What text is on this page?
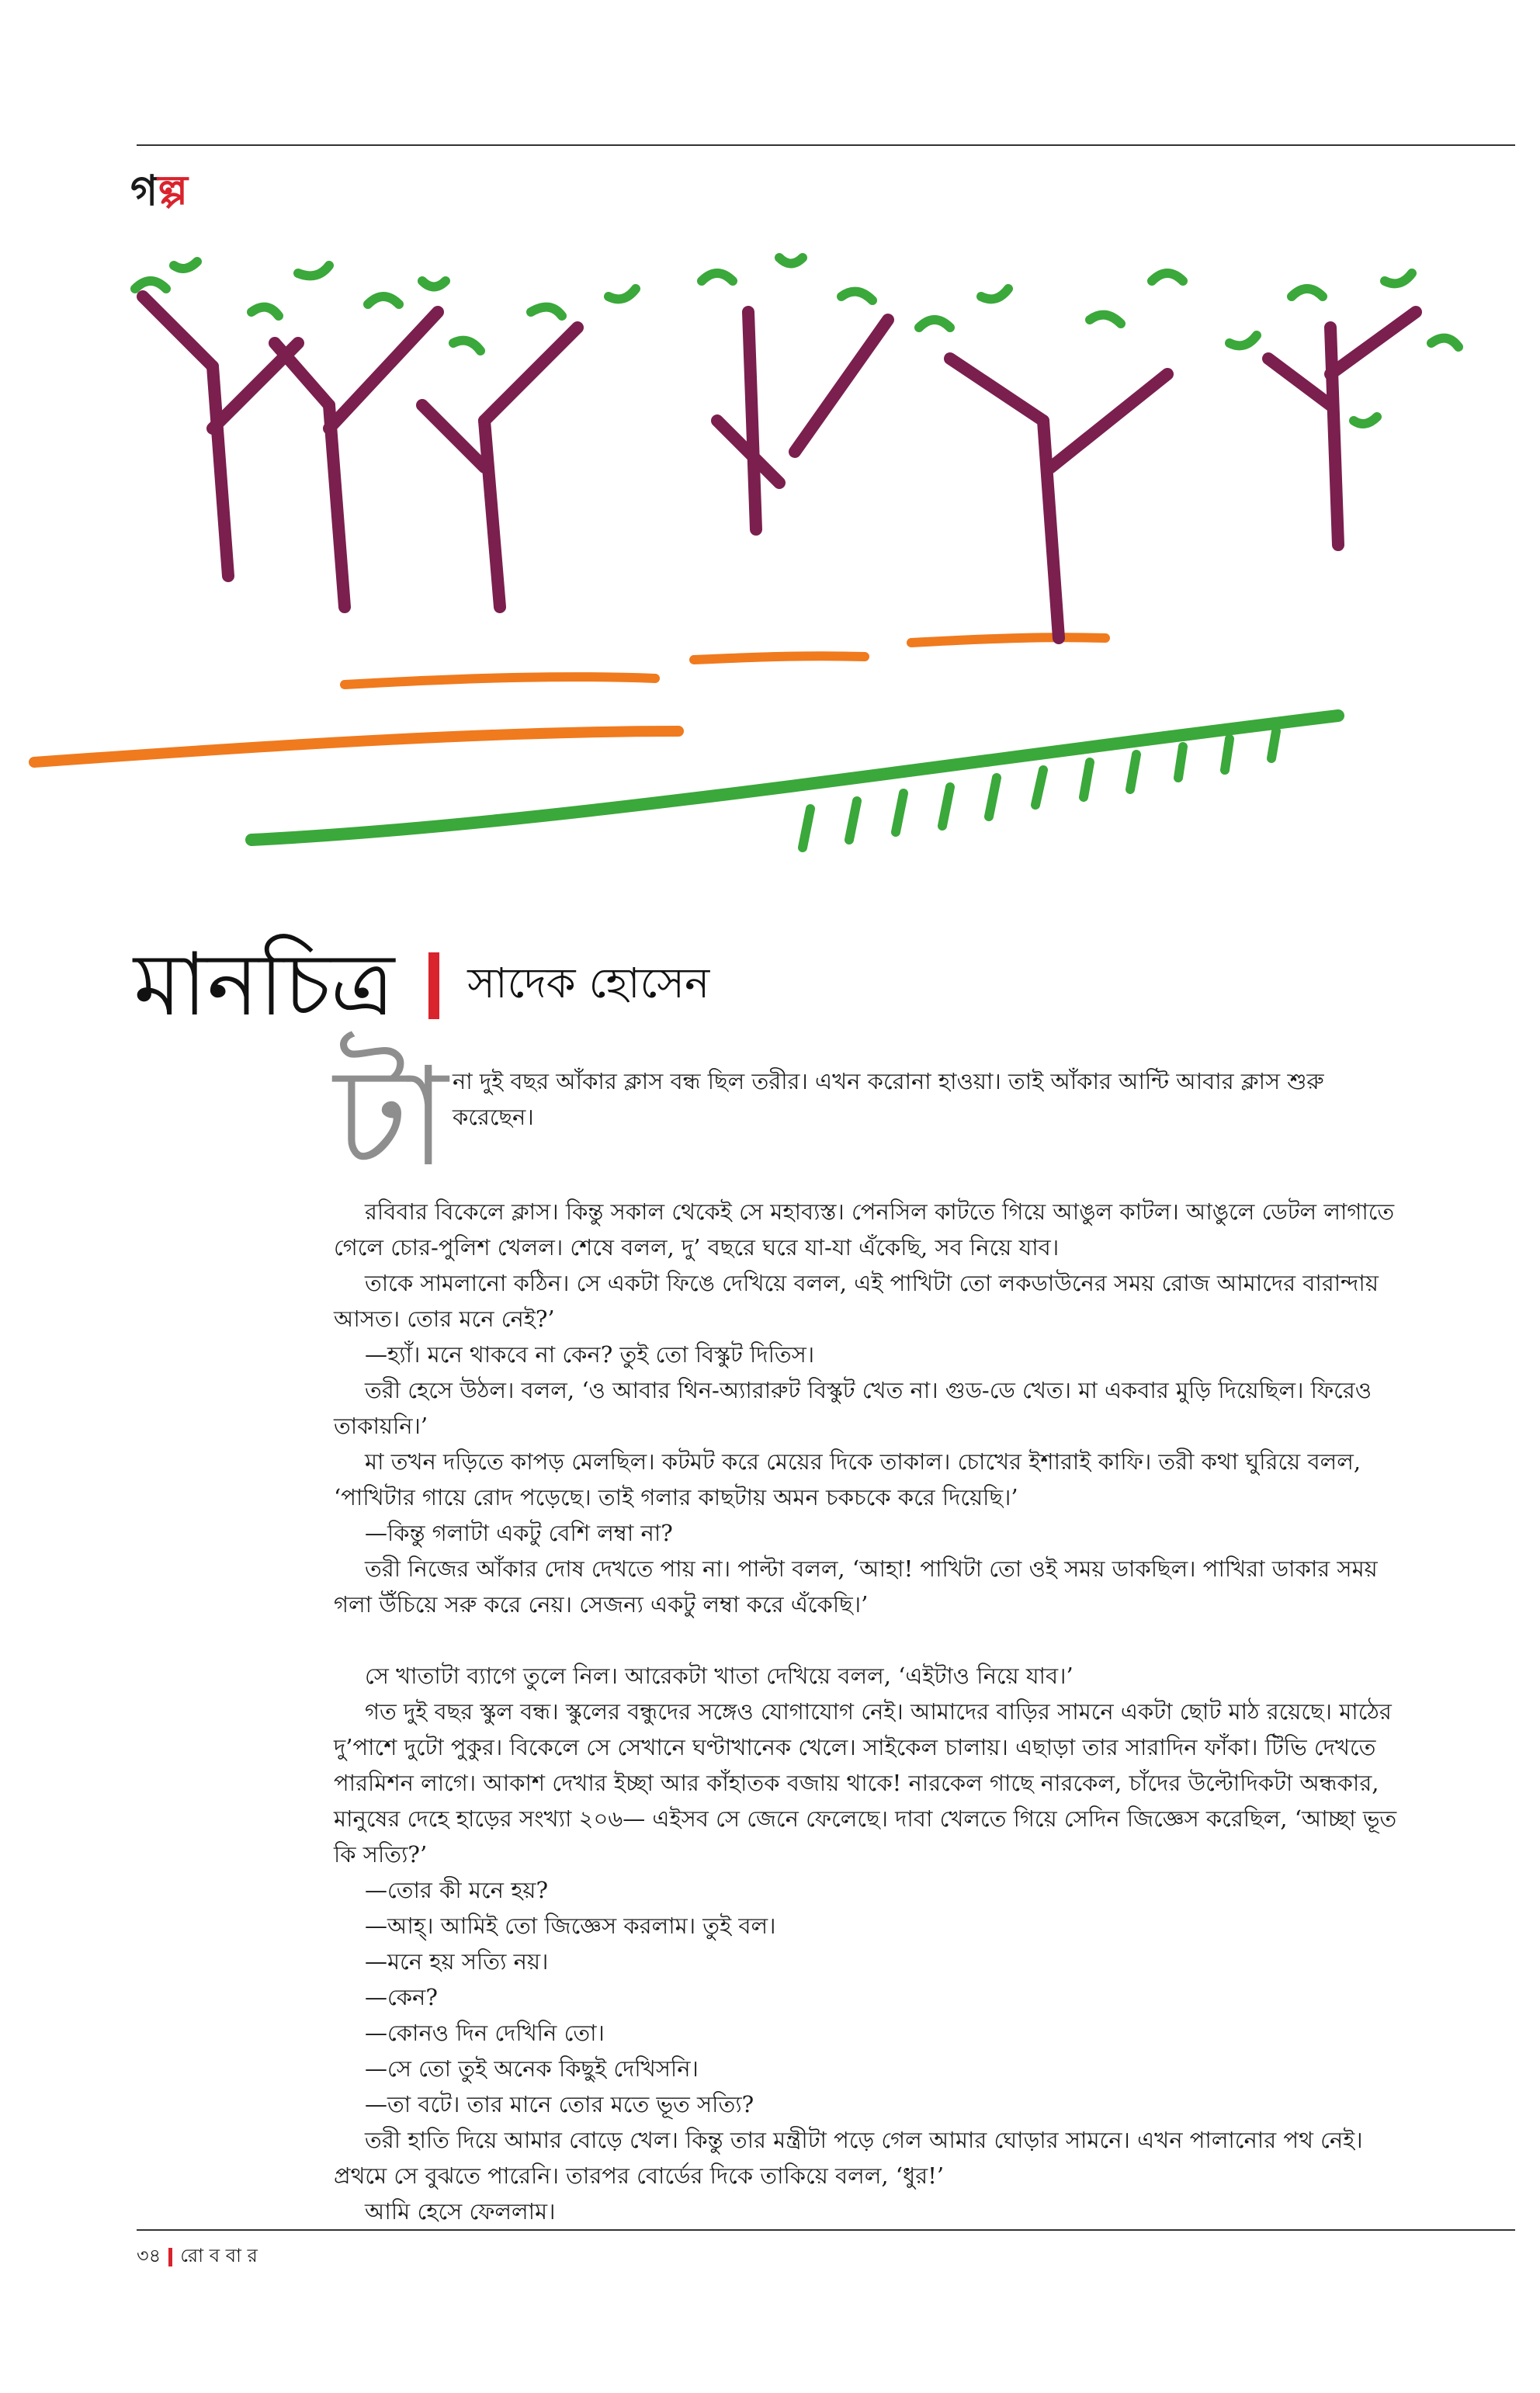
গল্প
মানচিত্র সাদেক হোসেন
টা না দুই বছর আঁকার ক্লাস বন্ধ ছিল তরীর। এখন করোনা হাওয়া। তাই আঁকার আন্টি আবার ক্লাস শুরু করেছেন।

রবিবার বিকেলে ক্লাস। কিন্তু সকাল থেকেই সে মহাব্যস্ত। পেনসিল কাটতে গিয়ে আঙুল কাটল। আঙুলে ডেটল লাগাতে গেলে চোর-পুলিশ খেলল। শেষে বলল, দু’ বছরে ঘরে যা-যা এঁকেছি, সব নিয়ে যাব।

তাকে সামলানো কঠিন। সে একটা ফিঙে দেখিয়ে বলল, এই পাখিটা তো লকডাউনের সময় রোজ আমাদের বারান্দায় আসত। তোর মনে নেই?’

—হ্যাঁ। মনে থাকবে না কেন? তুই তো বিস্কুট দিতিস।

তরী হেসে উঠল। বলল, ‘ও আবার থিন-অ্যারারুট বিস্কুট খেত না। গুড-ডে খেত। মা একবার মুড়ি দিয়েছিল। ফিরেও তাকায়নি।’

মা তখন দড়িতে কাপড় মেলছিল। কটমট করে মেয়ের দিকে তাকাল। চোখের ইশারাই কাফি। তরী কথা ঘুরিয়ে বলল, ‘পাখিটার গায়ে রোদ পড়েছে। তাই গলার কাছটায় অমন চকচকে করে দিয়েছি।’

—কিন্তু গলাটা একটু বেশি লম্বা না?

তরী নিজের আঁকার দোষ দেখতে পায় না। পাল্টা বলল, ‘আহা! পাখিটা তো ওই সময় ডাকছিল। পাখিরা ডাকার সময় গলা উঁচিয়ে সরু করে নেয়। সেজন্য একটু লম্বা করে এঁকেছি।’

সে খাতাটা ব্যাগে তুলে নিল। আরেকটা খাতা দেখিয়ে বলল, ‘এইটাও নিয়ে যাব।’

গত দুই বছর স্কুল বন্ধ। স্কুলের বন্ধুদের সঙ্গেও যোগাযোগ নেই। আমাদের বাড়ির সামনে একটা ছোট মাঠ রয়েছে। মাঠের দু’পাশে দুটো পুকুর। বিকেলে সে সেখানে ঘণ্টাখানেক খেলে। সাইকেল চালায়। এছাড়া তার সারাদিন ফাঁকা। টিভি দেখতে পারমিশন লাগে। আকাশ দেখার ইচ্ছা আর কাঁহাতক বজায় থাকে! নারকেল গাছে নারকেল, চাঁদের উল্টোদিকটা অন্ধকার, মানুষের দেহে হাড়ের সংখ্যা ২০৬— এইসব সে জেনে ফেলেছে। দাবা খেলতে গিয়ে সেদিন জিজ্ঞেস করেছিল, ‘আচ্ছা ভূত কি সত্যি?’

—তোর কী মনে হয়?

—আহ্‌। আমিই তো জিজ্ঞেস করলাম। তুই বল।

—মনে হয় সত্যি নয়।

—কেন?

—কোনও দিন দেখিনি তো।

—সে তো তুই অনেক কিছুই দেখিসনি।

—তা বটে। তার মানে তোর মতে ভূত সত্যি?

তরী হাতি দিয়ে আমার বোড়ে খেল। কিন্তু তার মন্ত্রীটা পড়ে গেল আমার ঘোড়ার সামনে। এখন পালানোর পথ নেই। প্রথমে সে বুঝতে পারেনি। তারপর বোর্ডের দিকে তাকিয়ে বলল, ‘ধুর!’

আমি হেসে ফেললাম।

৩৪ রো ব বা র
